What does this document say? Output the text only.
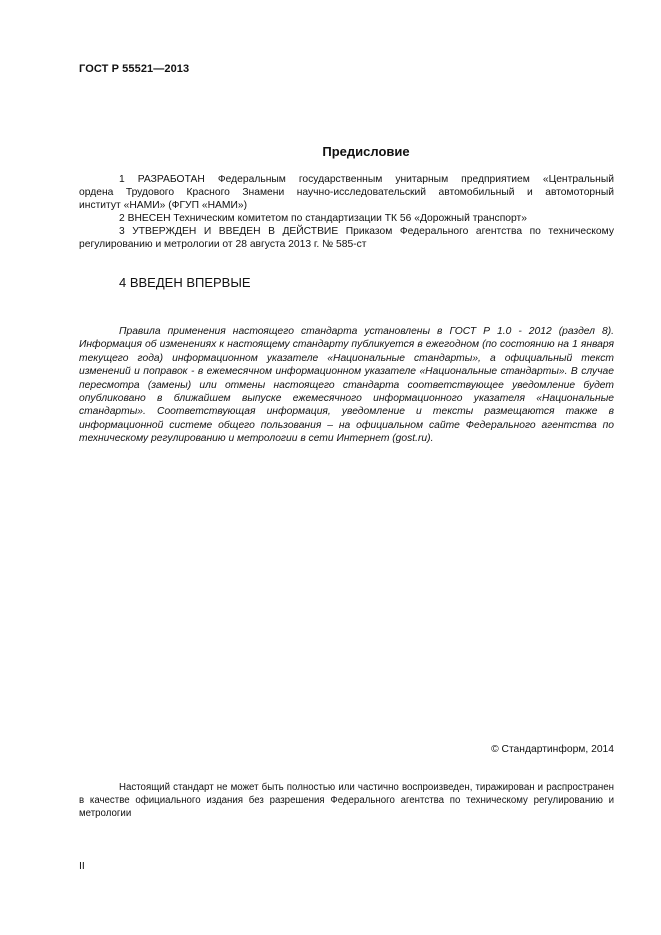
ГОСТ Р 55521—2013
Предисловие

1 РАЗРАБОТАН Федеральным государственным унитарным предприятием «Центральный

ордена Трудового Красного Знамени научно-исследовательский автомобильный и автомоторный

институт «НАМИ» (ФГУП «НАМИ»)

2 ВНЕСЕН Техническим комитетом по стандартизации ТК 56 «Дорожный транспорт»

3 УТВЕРЖДЕН И ВВЕДЕН В ДЕЙСТВИЕ Приказом Федерального агентства по техническому регулированию и метрологии от 28 августа 2013 г. № 585-ст

4 ВВЕДЕН ВПЕРВЫЕ
Правила применения настоящего стандарта установлены в ГОСТ Р 1.0 - 2012 (раздел 8). Информация об изменениях к настоящему стандарту публикуется в ежегодном (по состоянию на 1 января текущего года) информационном указателе «Национальные стандарты», а официальный текст изменений и поправок - в ежемесячном информационном указателе «Национальные стандарты». В случае пересмотра (замены) или отмены настоящего стандарта соответствующее уведомление будет опубликовано в ближайшем выпуске ежемесячного информационного указателя «Национальные стандарты». Соответствующая информация, уведомление и тексты размещаются также в информационной системе общего пользования – на официальном сайте Федерального агентства по техническому регулированию и метрологии в сети Интернет (gost.ru).
© Стандартинформ, 2014
Настоящий стандарт не может быть полностью или частично воспроизведен, тиражирован и распространен в качестве официального издания без разрешения Федерального агентства по техническому регулированию и метрологии
II
